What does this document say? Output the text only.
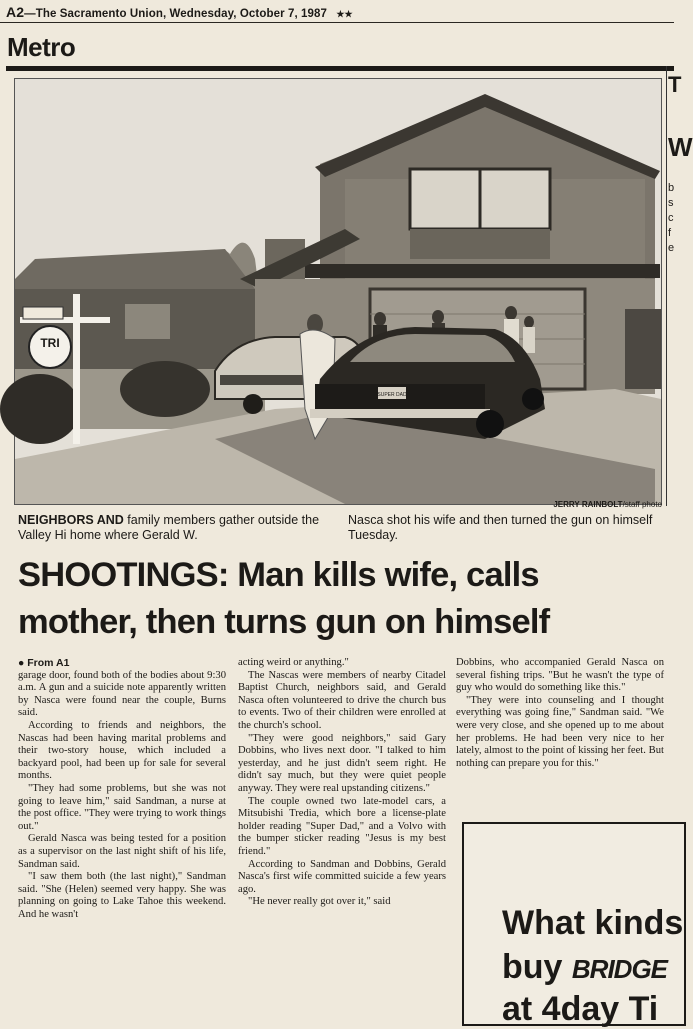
A2—The Sacramento Union, Wednesday, October 7, 1987 ★★
Metro
T
W
b
s
c
f
e
TRI
SUPER DAD
JERRY RAINBOLT/staff photo
NEIGHBORS AND family members gather outside the Valley Hi home where Gerald W.
Nasca shot his wife and then turned the gun on himself Tuesday.
SHOOTINGS: Man kills wife, calls
mother, then turns gun on himself
● From A1

garage door, found both of the bodies about 9:30 a.m. A gun and a suicide note apparently written by Nasca were found near the couple, Burns said.

According to friends and neighbors, the Nascas had been having marital problems and their two-story house, which included a backyard pool, had been up for sale for several months.

"They had some problems, but she was not going to leave him," said Sandman, a nurse at the post office. "They were trying to work things out."

Gerald Nasca was being tested for a position as a supervisor on the last night shift of his life, Sandman said.

"I saw them both (the last night)," Sandman said. "She (Helen) seemed very happy. She was planning on going to Lake Tahoe this weekend. And he wasn't

acting weird or anything."

The Nascas were members of nearby Citadel Baptist Church, neighbors said, and Gerald Nasca often volunteered to drive the church bus to events. Two of their children were enrolled at the church's school.

"They were good neighbors," said Gary Dobbins, who lives next door. "I talked to him yesterday, and he just didn't seem right. He didn't say much, but they were quiet people anyway. They were real upstanding citizens."

The couple owned two late-model cars, a Mitsubishi Tredia, which bore a license-plate holder reading "Super Dad," and a Volvo with the bumper sticker reading "Jesus is my best friend."

According to Sandman and Dobbins, Gerald Nasca's first wife committed suicide a few years ago.

"He never really got over it," said

Dobbins, who accompanied Gerald Nasca on several fishing trips. "But he wasn't the type of guy who would do something like this."

"They were into counseling and I thought everything was going fine," Sandman said. "We were very close, and she opened up to me about her problems. He had been very nice to her lately, almost to the point of kissing her feet. But nothing can prepare you for this."

What kinds
buy BRIDGE
at 4day Ti
